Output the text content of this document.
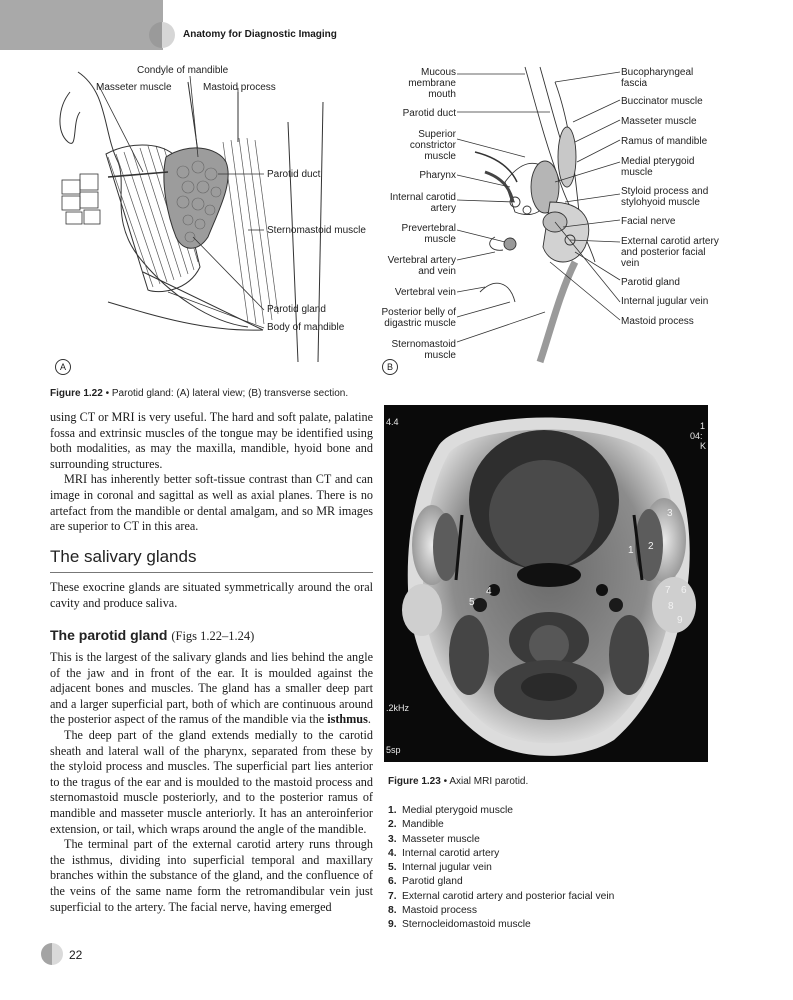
Anatomy for Diagnostic Imaging
Condyle of mandible
Masseter muscle	Mastoid process
Parotid duct
Sternomastoid muscle
Parotid gland
Body of mandible
A
Mucous membrane mouth
Parotid duct
Superior constrictor muscle
Pharynx
Internal carotid artery
Prevertebral muscle
Vertebral artery and vein
Vertebral vein
Posterior belly of digastric muscle
Sternomastoid muscle
B
Bucopharyngeal fascia
Buccinator muscle
Masseter muscle
Ramus of mandible
Medial pterygoid muscle
Styloid process and stylohyoid muscle
Facial nerve
External carotid artery and posterior facial vein
Parotid gland
Internal jugular vein
Mastoid process
Figure 1.22 • Parotid gland: (A) lateral view; (B) transverse section.

using CT or MRI is very useful. The hard and soft palate, palatine fossa and extrinsic muscles of the tongue may be identified using both modalities, as may the maxilla, mandible, hyoid bone and surrounding structures.

MRI has inherently better soft-tissue contrast than CT and can image in coronal and sagittal as well as axial planes. There is no artefact from the mandible or dental amalgam, and so MR images are superior to CT in this area.

The salivary glands

These exocrine glands are situated symmetrically around the oral cavity and produce saliva.

The parotid gland (Figs 1.22–1.24)

This is the largest of the salivary glands and lies behind the angle of the jaw and in front of the ear. It is moulded against the adjacent bones and muscles. The gland has a smaller deep part and a larger superficial part, both of which are continuous around the posterior aspect of the ramus of the mandible via the isthmus.

The deep part of the gland extends medially to the carotid sheath and lateral wall of the pharynx, separated from these by the styloid process and muscles. The superficial part lies anterior to the tragus of the ear and is moulded to the mastoid process and sternomastoid muscle posteriorly, and to the posterior ramus of mandible and masseter muscle anteriorly. It has an anteroinferior extension, or tail, which wraps around the angle of the mandible.

The terminal part of the external carotid artery runs through the isthmus, dividing into superficial temporal and maxillary branches within the substance of the gland, and the confluence of the veins of the same name form the retromandibular vein just superficial to the artery. The facial nerve, having emerged

4.4	1
04:
K
.2kHz
5sp
1 2
3
4
5
6
7
8
9
Figure 1.23 • Axial MRI parotid.
1. Medial pterygoid muscle
2. Mandible
3. Masseter muscle
4. Internal carotid artery
5. Internal jugular vein
6. Parotid gland
7. External carotid artery and posterior facial vein
8. Mastoid process
9. Sternocleidomastoid muscle
22
